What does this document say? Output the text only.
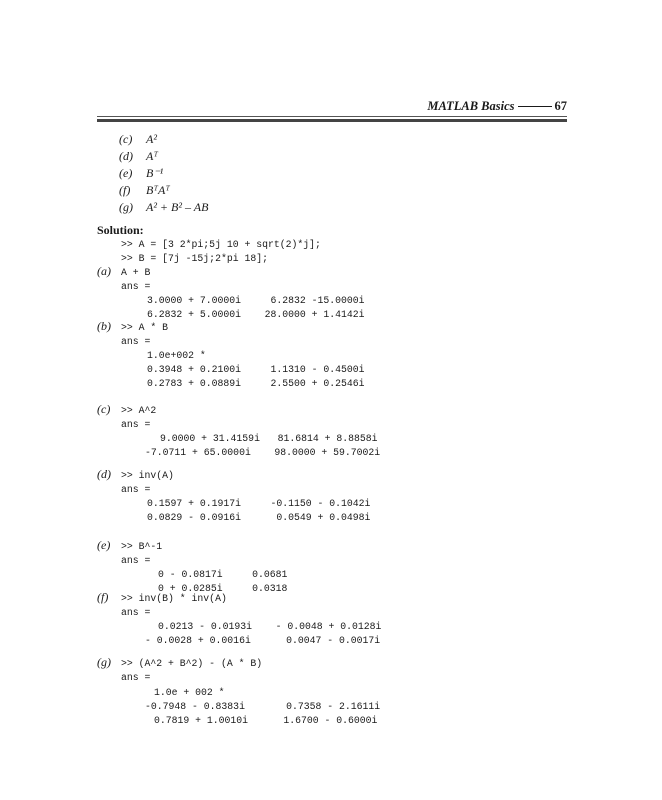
MATLAB Basics	67
(c) A²
(d) Aᵀ
(e) B⁻¹
(f) BᵀAᵀ
(g) A² + B² – AB
Solution:
(a)
(b)
(c)
(d)
(e)
(f)
(g)
>> A = [3 2*pi;5j 10 + sqrt(2)*j];
>> B = [7j -15j;2*pi 18];
A + B
ans =
3.0000 + 7.0000i     6.2832 -15.0000i
6.2832 + 5.0000i    28.0000 + 1.4142i
>> A * B
ans =
1.0e+002 *
0.3948 + 0.2100i     1.1310 - 0.4500i
0.2783 + 0.0889i     2.5500 + 0.2546i
>> A^2
ans =
9.0000 + 31.4159i   81.6814 + 8.8858i
-7.0711 + 65.0000i    98.0000 + 59.7002i
>> inv(A)
ans =
0.1597 + 0.1917i     -0.1150 - 0.1042i
0.0829 - 0.0916i      0.0549 + 0.0498i
>> B^-1
ans =
0 - 0.0817i     0.0681
0 + 0.0285i     0.0318
>> inv(B) * inv(A)
ans =
0.0213 - 0.0193i    - 0.0048 + 0.0128i
- 0.0028 + 0.0016i      0.0047 - 0.0017i
>> (A^2 + B^2) - (A * B)
ans =
1.0e + 002 *
-0.7948 - 0.8383i       0.7358 - 2.1611i
0.7819 + 1.0010i      1.6700 - 0.6000i
